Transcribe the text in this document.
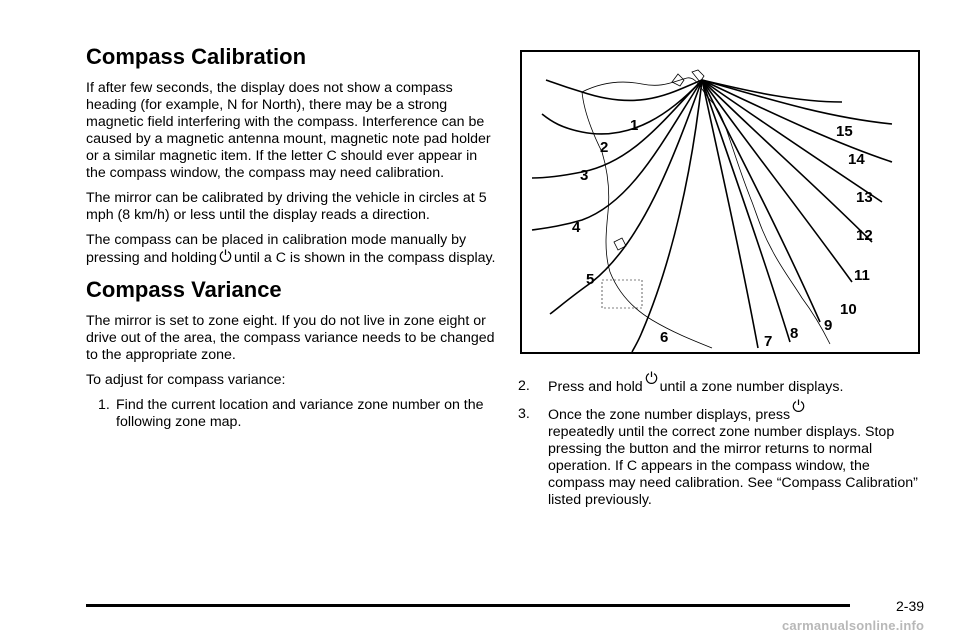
Compass Calibration

If after few seconds, the display does not show a compass heading (for example, N for North), there may be a strong magnetic field interfering with the compass. Interference can be caused by a magnetic antenna mount, magnetic note pad holder or a similar magnetic item. If the letter C should ever appear in the compass window, the compass may need calibration.

The mirror can be calibrated by driving the vehicle in circles at 5 mph (8 km/h) or less until the display reads a direction.

The compass can be placed in calibration mode manually by pressing and holding until a C is shown in the compass display.

Compass Variance

The mirror is set to zone eight. If you do not live in zone eight or drive out of the area, the compass variance needs to be changed to the appropriate zone.

To adjust for compass variance:

1. Find the current location and variance zone number on the following zone map.
1
2
3
4
5
6	7 8 9
10
11
12
13
14
15
2. Press and hold until a zone number displays.
3. Once the zone number displays, press
repeatedly until the correct zone number displays. Stop pressing the button and the mirror returns to normal operation. If C appears in the compass window, the compass may need calibration. See “Compass Calibration” listed previously.
2-39
carmanualsonline.info
